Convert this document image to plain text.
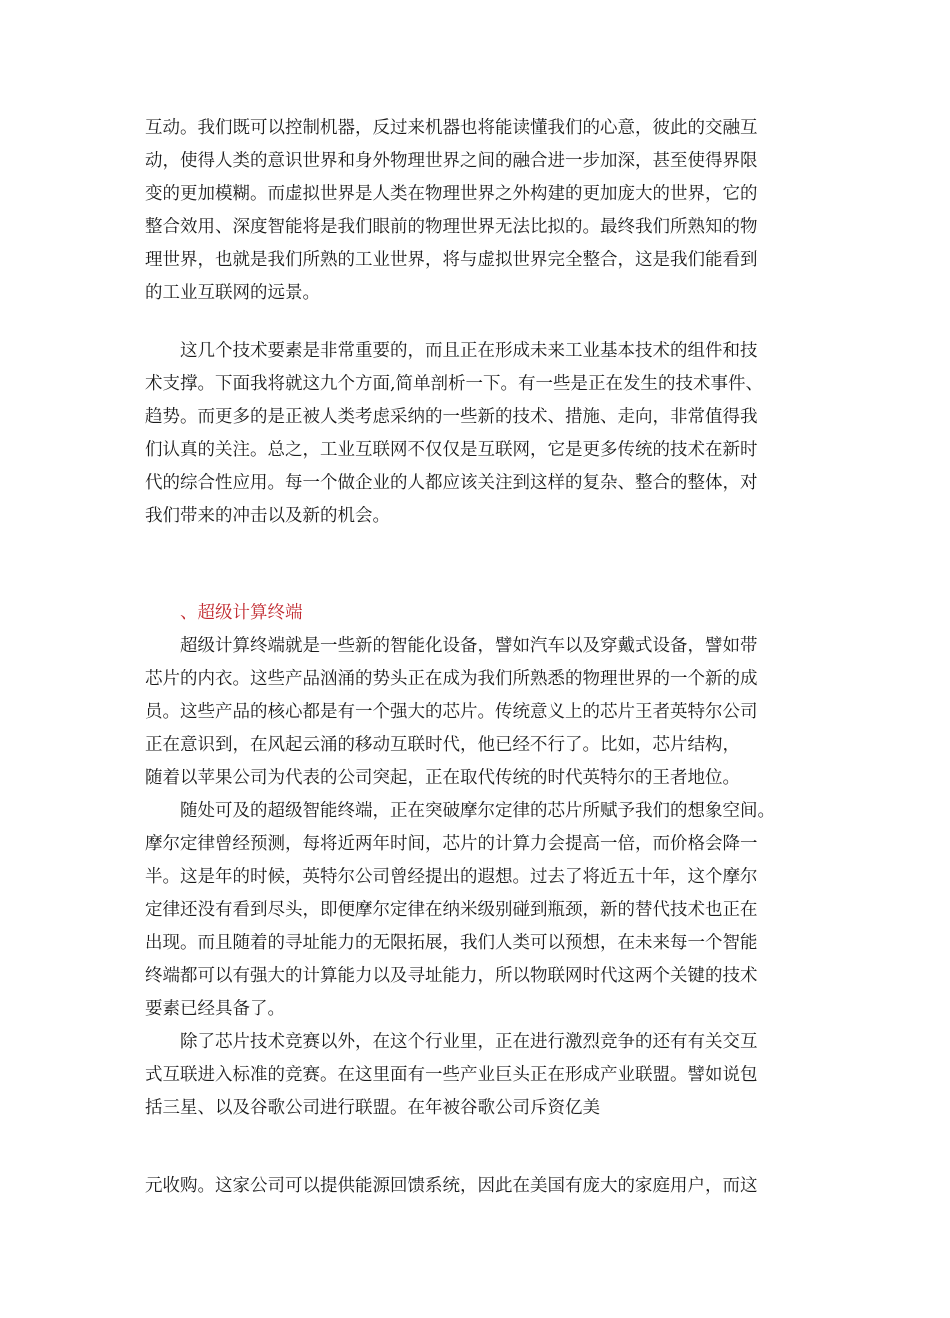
互动。我们既可以控制机器，反过来机器也将能读懂我们的心意，彼此的交融互
动，使得人类的意识世界和身外物理世界之间的融合进一步加深，甚至使得界限
变的更加模糊。而虚拟世界是人类在物理世界之外构建的更加庞大的世界，它的
整合效用、深度智能将是我们眼前的物理世界无法比拟的。最终我们所熟知的物
理世界，也就是我们所熟的工业世界，将与虚拟世界完全整合，这是我们能看到
的工业互联网的远景。
　　这几个技术要素是非常重要的，而且正在形成未来工业基本技术的组件和技
术支撑。下面我将就这九个方面,简单剖析一下。有一些是正在发生的技术事件、
趋势。而更多的是正被人类考虑采纳的一些新的技术、措施、走向，非常值得我
们认真的关注。总之，工业互联网不仅仅是互联网，它是更多传统的技术在新时
代的综合性应用。每一个做企业的人都应该关注到这样的复杂、整合的整体，对
我们带来的冲击以及新的机会。
　　、超级计算终端
　　超级计算终端就是一些新的智能化设备，譬如汽车以及穿戴式设备，譬如带
芯片的内衣。这些产品汹涌的势头正在成为我们所熟悉的物理世界的一个新的成
员。这些产品的核心都是有一个强大的芯片。传统意义上的芯片王者英特尔公司
正在意识到，在风起云涌的移动互联时代，他已经不行了。比如，芯片结构，
随着以苹果公司为代表的公司突起，正在取代传统的时代英特尔的王者地位。
　　随处可及的超级智能终端，正在突破摩尔定律的芯片所赋予我们的想象空间。
摩尔定律曾经预测，每将近两年时间，芯片的计算力会提高一倍，而价格会降一
半。这是年的时候，英特尔公司曾经提出的遐想。过去了将近五十年，这个摩尔
定律还没有看到尽头，即便摩尔定律在纳米级别碰到瓶颈，新的替代技术也正在
出现。而且随着的寻址能力的无限拓展，我们人类可以预想，在未来每一个智能
终端都可以有强大的计算能力以及寻址能力，所以物联网时代这两个关键的技术
要素已经具备了。
　　除了芯片技术竞赛以外，在这个行业里，正在进行激烈竞争的还有有关交互
式互联进入标准的竞赛。在这里面有一些产业巨头正在形成产业联盟。譬如说包
括三星、以及谷歌公司进行联盟。在年被谷歌公司斥资亿美
元收购。这家公司可以提供能源回馈系统，因此在美国有庞大的家庭用户，而这
